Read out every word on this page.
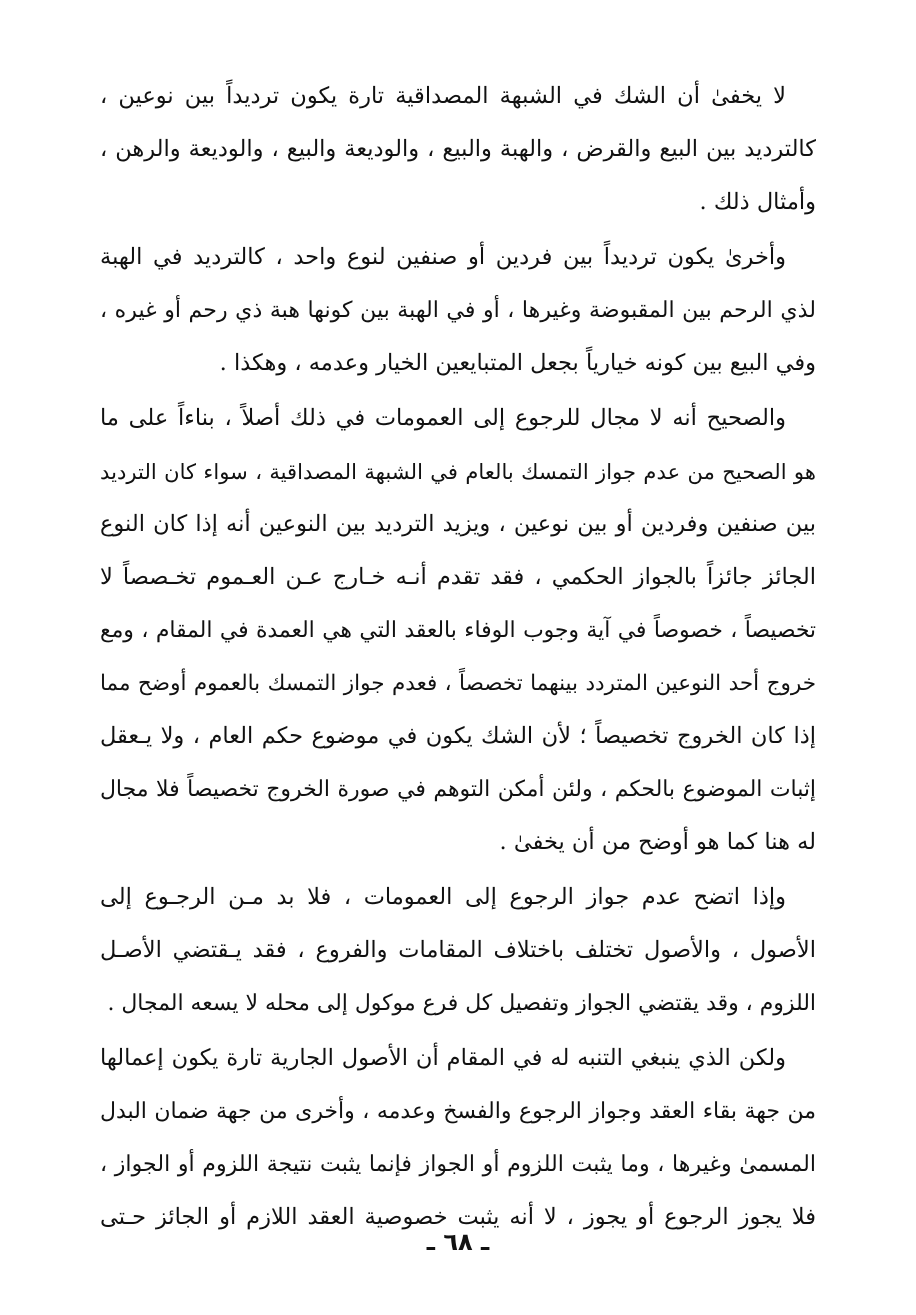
لا يخفىٰ أن الشك في الشبهة المصداقية تارة يكون ترديداً بين نوعين ،
كالترديد بين البيع والقرض ، والهبة والبيع ، والوديعة والبيع ، والوديعة والرهن ،
وأمثال ذلك .

وأخرىٰ يكون ترديداً بين فردين أو صنفين لنوع واحد ، كالترديد في الهبة
لذي الرحم بين المقبوضة وغيرها ، أو في الهبة بين كونها هبة ذي رحم أو غيره ،
وفي البيع بين كونه خيارياً بجعل المتبايعين الخيار وعدمه ، وهكذا .

والصحيح أنه لا مجال للرجوع إلى العمومات في ذلك أصلاً ، بناءاً على ما
هو الصحيح من عدم جواز التمسك بالعام في الشبهة المصداقية ، سواء كان الترديد
بين صنفين وفردين أو بين نوعين ، ويزيد الترديد بين النوعين أنه إذا كان النوع
الجائز جائزاً بالجواز الحكمي ، فقد تقدم أنـه خـارج عـن العـموم تخـصصاً لا
تخصيصاً ، خصوصاً في آية وجوب الوفاء بالعقد التي هي العمدة في المقام ، ومع
خروج أحد النوعين المتردد بينهما تخصصاً ، فعدم جواز التمسك بالعموم أوضح مما
إذا كان الخروج تخصيصاً ؛ لأن الشك يكون في موضوع حكم العام ، ولا يـعقل
إثبات الموضوع بالحكم ، ولئن أمكن التوهم في صورة الخروج تخصيصاً فلا مجال
له هنا كما هو أوضح من أن يخفىٰ .

وإذا اتضح عدم جواز الرجوع إلى العمومات ، فلا بد مـن الرجـوع إلى
الأصول ، والأصول تختلف باختلاف المقامات والفروع ، فقد يـقتضي الأصـل
اللزوم ، وقد يقتضي الجواز وتفصيل كل فرع موكول إلى محله لا يسعه المجال .

ولكن الذي ينبغي التنبه له في المقام أن الأصول الجارية تارة يكون إعمالها
من جهة بقاء العقد وجواز الرجوع والفسخ وعدمه ، وأخرى من جهة ضمان البدل
المسمىٰ وغيرها ، وما يثبت اللزوم أو الجواز فإنما يثبت نتيجة اللزوم أو الجواز ،
فلا يجوز الرجوع أو يجوز ، لا أنه يثبت خصوصية العقد اللازم أو الجائز حـتى

ـ ٦٨ ـ
